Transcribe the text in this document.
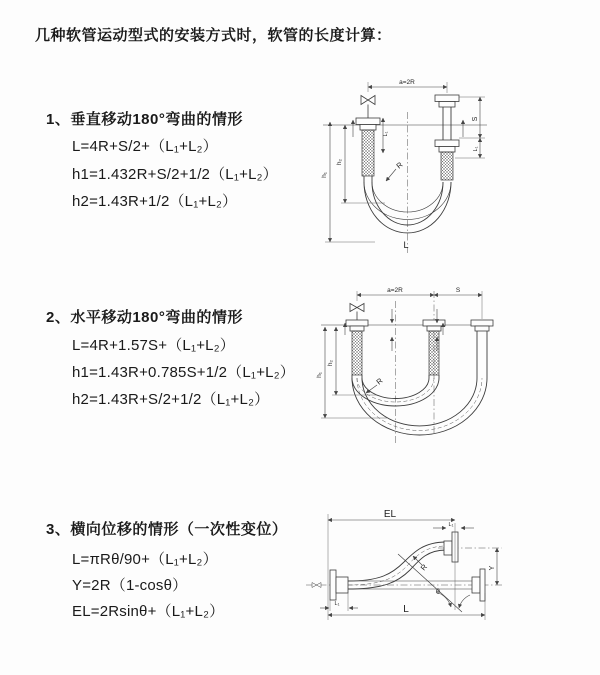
几种软管运动型式的安装方式时，软管的长度计算：
1、垂直移动180°弯曲的情形
L=4R+S/2+（L₁+L₂）
h1=1.432R+S/2+1/2（L₁+L₂）
h2=1.43R+1/2（L₁+L₂）
2、水平移动180°弯曲的情形
L=4R+1.57S+（L₁+L₂）
h1=1.43R+0.785S+1/2（L₁+L₂）
h2=1.43R+S/2+1/2（L₁+L₂）
3、横向位移的情形（一次性变位）
L=πRθ/90+（L₁+L₂）
Y=2R（1-cosθ）
EL=2Rsinθ+（L₁+L₂）
a=2R
h₁
h₂
L₁
S
L₁
R
L
a=2R	S
h₁
h₂
R
θ
R
EL
L₁
Y
L
L₁
